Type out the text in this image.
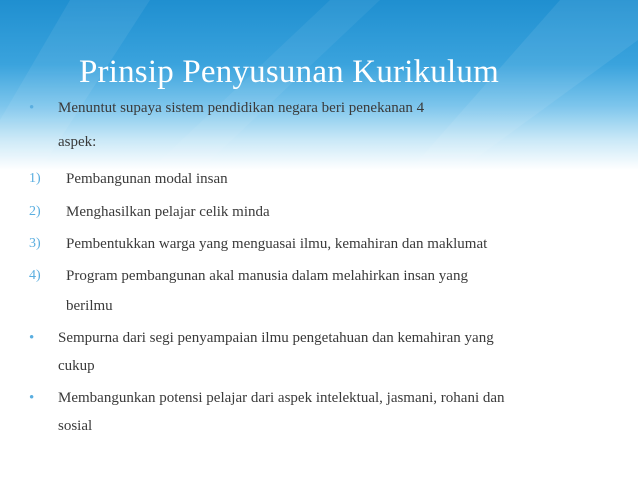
Prinsip Penyusunan Kurikulum
• Menuntut supaya sistem pendidikan negara beri penekanan 4
aspek:
1) Pembangunan modal insan
2) Menghasilkan pelajar celik minda
3) Pembentukkan warga yang menguasai ilmu, kemahiran dan maklumat
4) Program pembangunan akal manusia dalam melahirkan insan yang
berilmu
• Sempurna dari segi penyampaian ilmu pengetahuan dan kemahiran yang
cukup
• Membangunkan potensi pelajar dari aspek intelektual, jasmani, rohani dan
sosial
